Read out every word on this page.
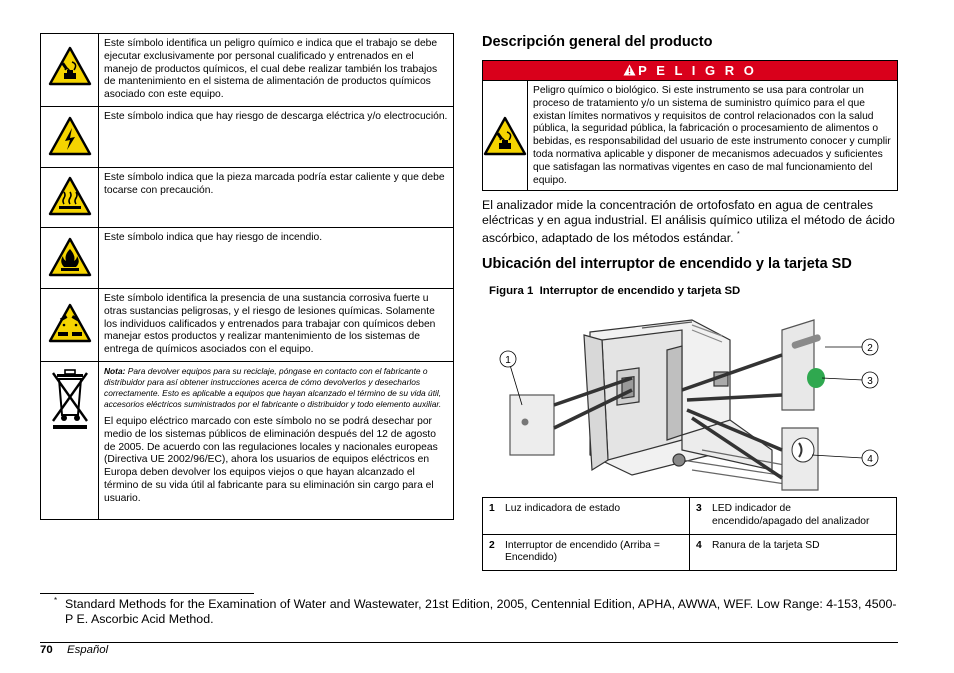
	Este símbolo identifica un peligro químico e indica que el trabajo se debe ejecutar exclusivamente por personal cualificado y entrenados en el manejo de productos químicos, el cual debe realizar también los trabajos de mantenimiento en el sistema de alimentación de productos químicos asociado con este equipo.

	Este símbolo indica que hay riesgo de descarga eléctrica y/o electrocución.

	Este símbolo indica que la pieza marcada podría estar caliente y que debe tocarse con precaución.

	Este símbolo indica que hay riesgo de incendio.

	Este símbolo identifica la presencia de una sustancia corrosiva fuerte u otras sustancias peligrosas, y el riesgo de lesiones químicas. Solamente los individuos calificados y entrenados para trabajar con químicos deben manejar estos productos y realizar mantenimiento de los sistemas de entrega de químicos asociados con el equipo.

Nota: Para devolver equipos para su reciclaje, póngase en contacto con el fabricante o distribuidor para así obtener instrucciones acerca de cómo devolverlos y desecharlos correctamente. Esto es aplicable a equipos que hayan alcanzado el término de su vida útil, accesorios eléctricos suministrados por el fabricante o distribuidor y todo elemento auxiliar.
El equipo eléctrico marcado con este símbolo no se podrá desechar por medio de los sistemas públicos de eliminación después del 12 de agosto de 2005. De acuerdo con las regulaciones locales y nacionales europeas (Directiva UE 2002/96/EC), ahora los usuarios de equipos eléctricos en Europa deben devolver los equipos viejos o que hayan alcanzado el término de su vida útil al fabricante para su eliminación sin cargo para el usuario.
Descripción general del producto
P E L I G R O
Peligro químico o biológico. Si este instrumento se usa para controlar un proceso de tratamiento y/o un sistema de suministro químico para el que existan límites normativos y requisitos de control relacionados con la salud pública, la seguridad pública, la fabricación o procesamiento de alimentos o bebidas, es responsabilidad del usuario de este instrumento conocer y cumplir toda normativa aplicable y disponer de mecanismos adecuados y suficientes que satisfagan las normativas vigentes en caso de mal funcionamiento del equipo.
El analizador mide la concentración de ortofosfato en agua de centrales eléctricas y en agua industrial. El análisis químico utiliza el método de ácido ascórbico, adaptado de los métodos estándar. *
Ubicación del interruptor de encendido y la tarjeta SD
Figura 1  Interruptor de encendido y tarjeta SD
1
2
3
4
1 Luz indicadora de estado	3 LED indicador de encendido/apagado del analizador
2 Interruptor de encendido (Arriba = Encendido)	4 Ranura de la tarjeta SD
* Standard Methods for the Examination of Water and Wastewater, 21st Edition, 2005, Centennial Edition, APHA, AWWA, WEF. Low Range: 4-153, 4500-P E. Ascorbic Acid Method.
70 Español
